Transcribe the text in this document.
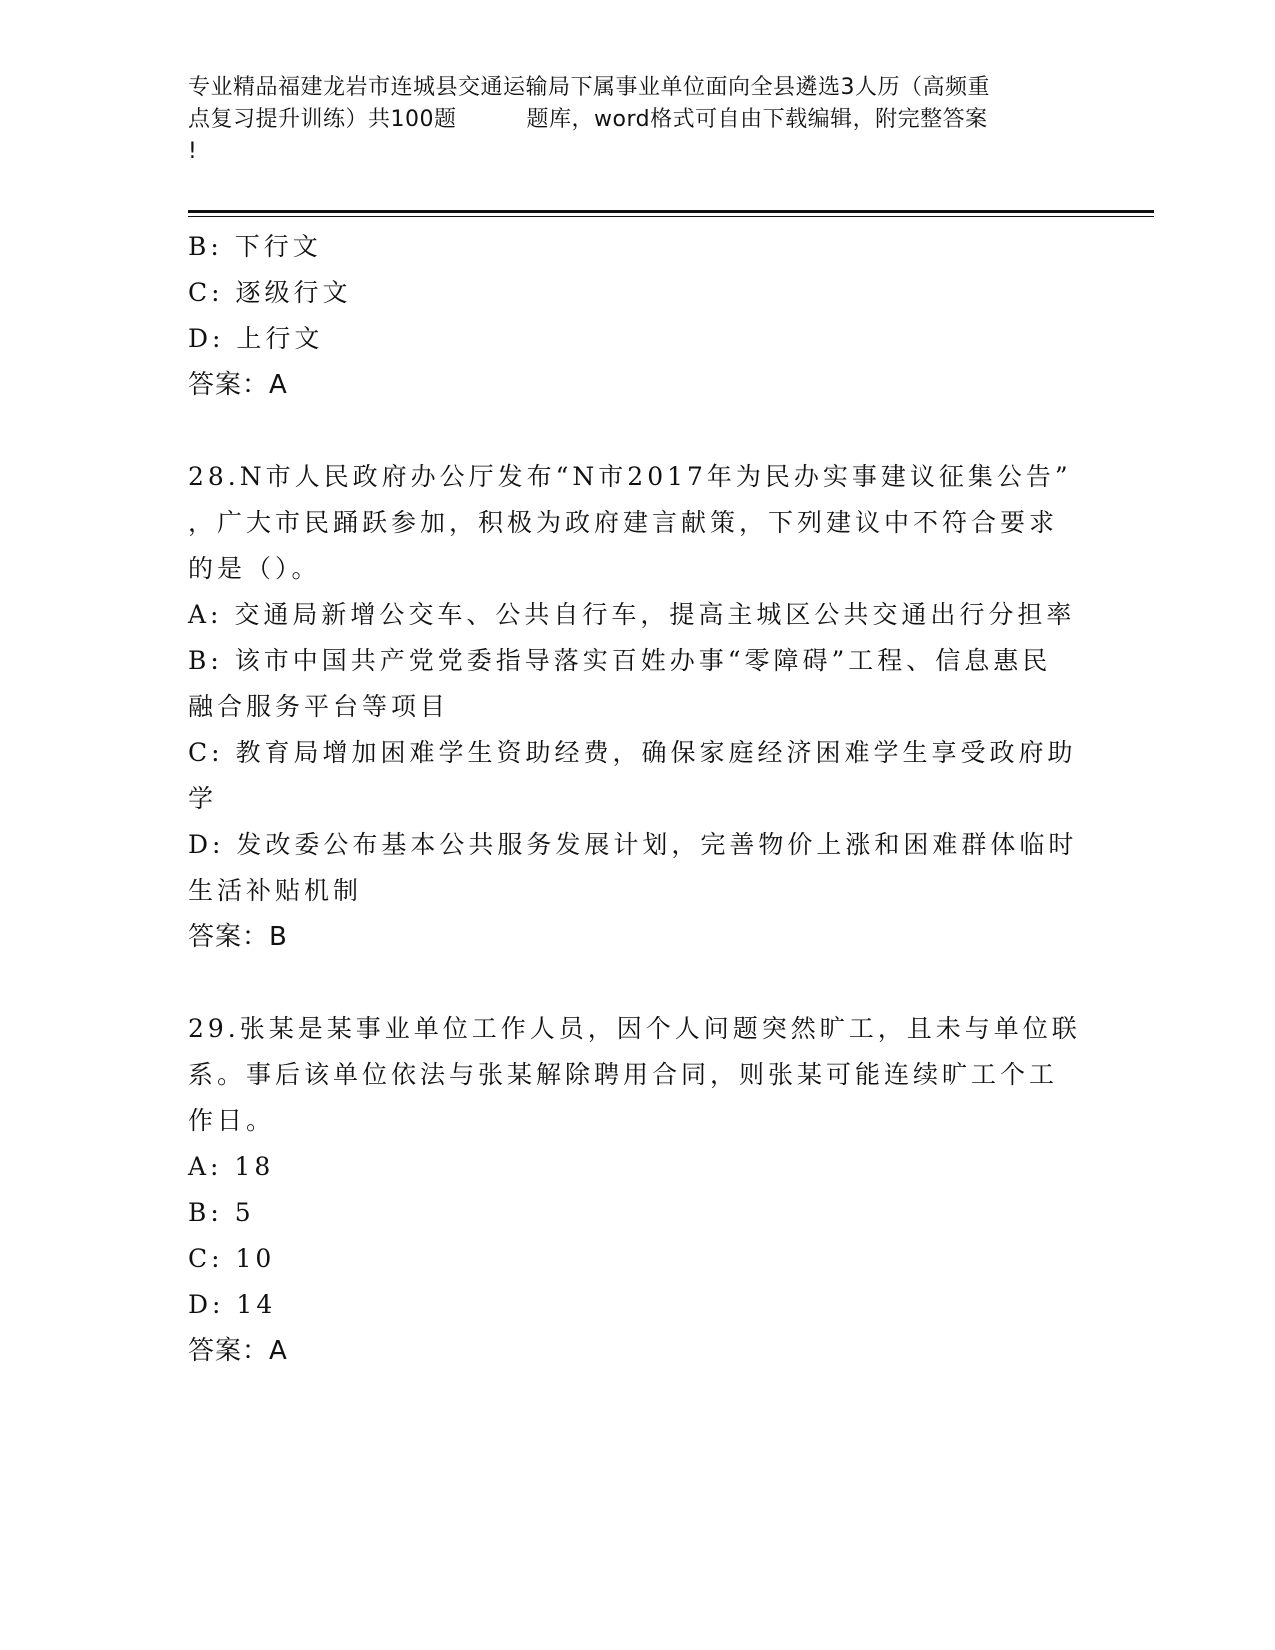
专业精品福建龙岩市连城县交通运输局下属事业单位面向全县遴选3人历（高频重
点复习提升训练）共100题	题库，word格式可自由下载编辑，附完整答案
!
B: 下行文
C: 逐级行文
D: 上行文
答案：A
28.N市人民政府办公厅发布“N市2017年为民办实事建议征集公告”
，广大市民踊跃参加，积极为政府建言献策，下列建议中不符合要求
的是（）。
A: 交通局新增公交车、公共自行车，提高主城区公共交通出行分担率
B: 该市中国共产党党委指导落实百姓办事“零障碍”工程、信息惠民
融合服务平台等项目
C: 教育局增加困难学生资助经费，确保家庭经济困难学生享受政府助
学
D: 发改委公布基本公共服务发展计划，完善物价上涨和困难群体临时
生活补贴机制
答案：B
29.张某是某事业单位工作人员，因个人问题突然旷工，且未与单位联
系。事后该单位依法与张某解除聘用合同，则张某可能连续旷工个工
作日。
A: 18
B: 5
C: 10
D: 14
答案：A
